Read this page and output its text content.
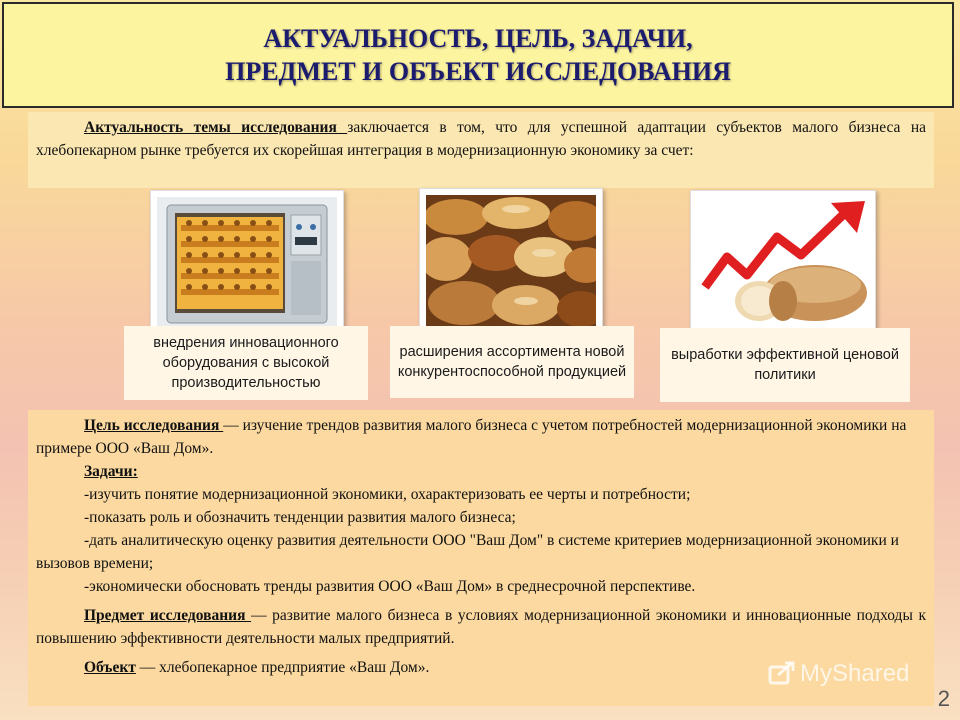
АКТУАЛЬНОСТЬ, ЦЕЛЬ, ЗАДАЧИ,
ПРЕДМЕТ И ОБЪЕКТ ИССЛЕДОВАНИЯ
Актуальность темы исследования заключается в том, что для успешной адаптации субъектов малого бизнеса на хлебопекарном рынке требуется их скорейшая интеграция в модернизационную экономику за счет:
внедрения инновационного оборудования с высокой производительностью
расширения ассортимента новой конкурентоспособной продукцией
выработки эффективной ценовой политики

Цель исследования — изучение трендов развития малого бизнеса с учетом потребностей модернизационной экономики на примере ООО «Ваш Дом».

Задачи:

-изучить понятие модернизационной экономики, охарактеризовать ее черты и потребности;

-показать роль и обозначить тенденции развития малого бизнеса;

-дать аналитическую оценку развития деятельности ООО "Ваш Дом" в системе критериев модернизационной экономики и вызовов времени;

-экономически обосновать тренды развития ООО «Ваш Дом» в среднесрочной перспективе.

Предмет исследования — развитие малого бизнеса в условиях модернизационной экономики и инновационные подходы к повышению эффективности деятельности малых предприятий.

Объект — хлебопекарное предприятие «Ваш Дом».	MyShared
2
